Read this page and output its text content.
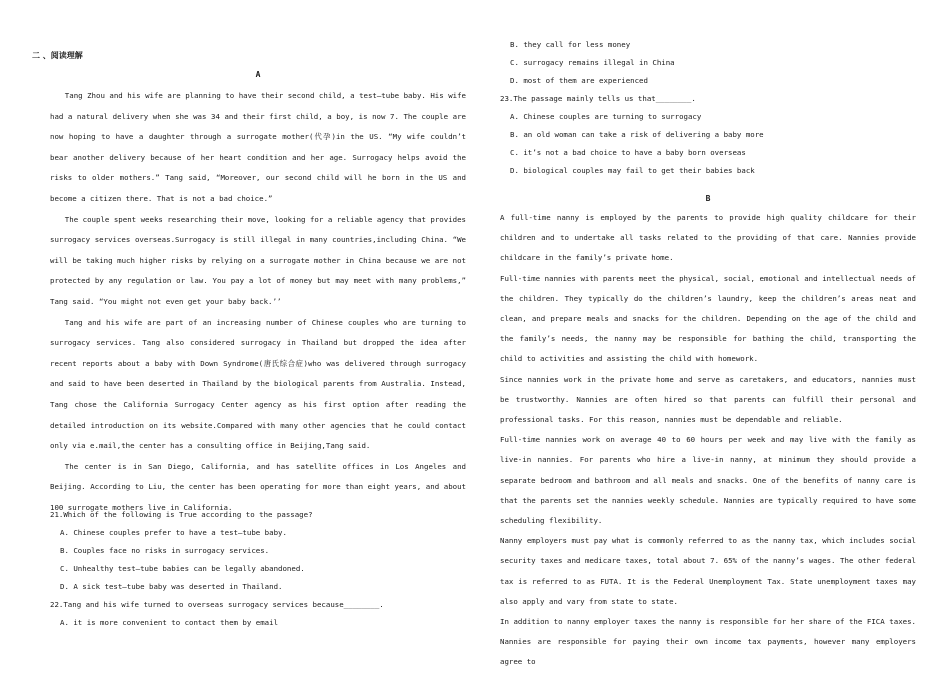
二 、阅读理解
A

Tang Zhou and his wife are planning to have their second child, a test—tube baby. His wife had a natural delivery when she was 34 and their first child, a boy, is now 7. The couple are now hoping to have a daughter through a surrogate mother(代孕)in the US. “My wife couldn’t bear another delivery because of her heart condition and her age. Surrogacy helps avoid the risks to older mothers.” Tang said, “Moreover, our second child will he born in the US and become a citizen there. That is not a bad choice.”

The couple spent weeks researching their move, looking for a reliable agency that provides surrogacy services overseas.Surrogacy is still illegal in many countries,including China. “We will be taking much higher risks by relying on a surrogate mother in China because we are not protected by any regulation or law. You pay a lot of money but may meet with many problems,” Tang said. “You might not even get your baby back.’’

Tang and his wife are part of an increasing number of Chinese couples who are turning to surrogacy services. Tang also considered surrogacy in Thailand but dropped the idea after recent reports about a baby with Down Syndrome(唐氏综合症)who was delivered through surrogacy and said to have been deserted in Thailand by the biological parents from Australia. Instead, Tang chose the California Surrogacy Center agency as his first option after reading the detailed introduction on its website.Compared with many other agencies that he could contact only via e.mail,the center has a consulting office in Beijing,Tang said.

The center is in San Diego, California, and has satellite offices in Los Angeles and Beijing. According to Liu, the center has been operating for more than eight years, and about 100 surrogate mothers live in California.

21.Which of the following is True according to the passage?

A. Chinese couples prefer to have a test—tube baby.

B. Couples face no risks in surrogacy services.

C. Unhealthy test—tube babies can be legally abandoned.

D. A sick test—tube baby was deserted in Thailand.

22.Tang and his wife turned to overseas surrogacy services because________.

A. it is more convenient to contact them by email

B. they call for less money

C. surrogacy remains illegal in China

D. most of them are experienced

23.The passage mainly tells us that________.

A. Chinese couples are turning to surrogacy

B. an old woman can take a risk of delivering a baby more

C. it’s not a bad choice to have a baby born overseas

D. biological couples may fail to get their babies back

B

A full-time nanny is employed by the parents to provide high quality childcare for their children and to undertake all tasks related to the providing of that care. Nannies provide childcare in the family’s private home.

Full-time nannies with parents meet the physical, social, emotional and intellectual needs of the children. They typically do the children’s laundry, keep the children’s areas neat and clean, and prepare meals and snacks for the children. Depending on the age of the child and the family’s needs, the nanny may be responsible for bathing the child, transporting the child to activities and assisting the child with homework.

Since nannies work in the private home and serve as caretakers, and educators, nannies must be trustworthy. Nannies are often hired so that parents can fulfill their personal and professional tasks. For this reason, nannies must be dependable and reliable.

Full-time nannies work on average 40 to 60 hours per week and may live with the family as live-in nannies. For parents who hire a live-in nanny, at minimum they should provide a separate bedroom and bathroom and all meals and snacks. One of the benefits of nanny care is that the parents set the nannies weekly schedule. Nannies are typically required to have some scheduling flexibility.

Nanny employers must pay what is commonly referred to as the nanny tax, which includes social security taxes and medicare taxes, total about 7. 65% of the nanny’s wages. The other federal tax is referred to as FUTA. It is the Federal Unemployment Tax. State unemployment taxes may also apply and vary from state to state.

In addition to nanny employer taxes the nanny is responsible for her share of the FICA taxes. Nannies are responsible for paying their own income tax payments, however many employers agree to
